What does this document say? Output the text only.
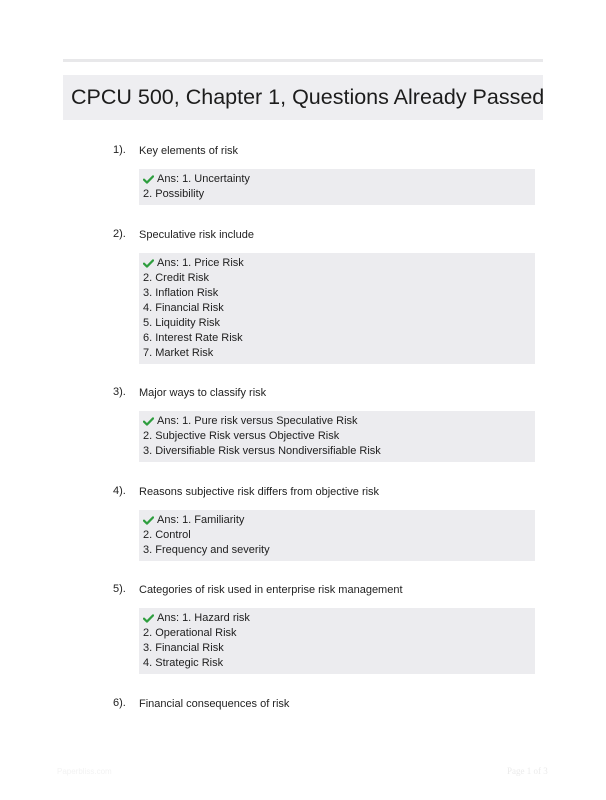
CPCU 500, Chapter 1, Questions Already Passed
1). Key elements of risk
Ans: 1. Uncertainty
2. Possibility
2). Speculative risk include
Ans: 1. Price Risk
2. Credit Risk
3. Inflation Risk
4. Financial Risk
5. Liquidity Risk
6. Interest Rate Risk
7. Market Risk
3). Major ways to classify risk
Ans: 1. Pure risk versus Speculative Risk
2. Subjective Risk versus Objective Risk
3. Diversifiable Risk versus Nondiversifiable Risk
4). Reasons subjective risk differs from objective risk
Ans: 1. Familiarity
2. Control
3. Frequency and severity
5). Categories of risk used in enterprise risk management
Ans: 1. Hazard risk
2. Operational Risk
3. Financial Risk
4. Strategic Risk
6). Financial consequences of risk
Paperbliss.com	Page 1 of 3
